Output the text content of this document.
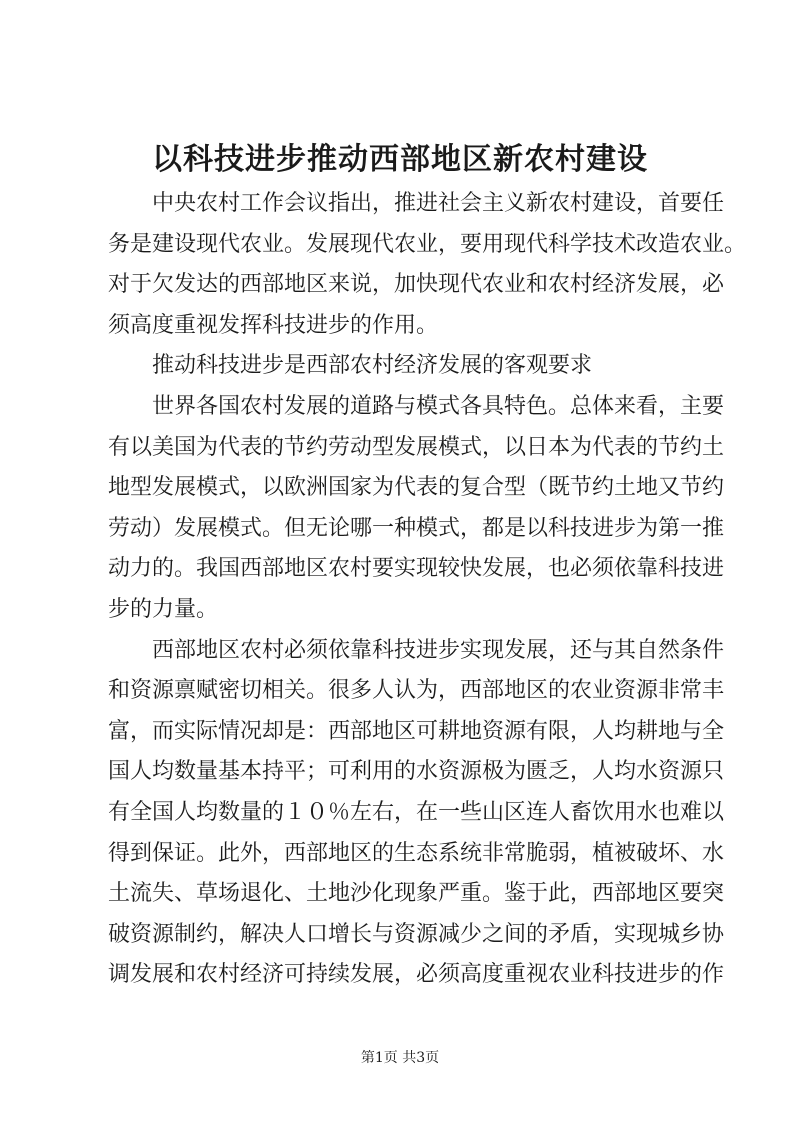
以科技进步推动西部地区新农村建设
中央农村工作会议指出，推进社会主义新农村建设，首要任
务是建设现代农业。发展现代农业，要用现代科学技术改造农业。
对于欠发达的西部地区来说，加快现代农业和农村经济发展，必
须高度重视发挥科技进步的作用。
推动科技进步是西部农村经济发展的客观要求
世界各国农村发展的道路与模式各具特色。总体来看，主要
有以美国为代表的节约劳动型发展模式，以日本为代表的节约土
地型发展模式，以欧洲国家为代表的复合型（既节约土地又节约
劳动）发展模式。但无论哪一种模式，都是以科技进步为第一推
动力的。我国西部地区农村要实现较快发展，也必须依靠科技进
步的力量。
西部地区农村必须依靠科技进步实现发展，还与其自然条件
和资源禀赋密切相关。很多人认为，西部地区的农业资源非常丰
富，而实际情况却是：西部地区可耕地资源有限，人均耕地与全
国人均数量基本持平；可利用的水资源极为匮乏，人均水资源只
有全国人均数量的１０％左右，在一些山区连人畜饮用水也难以
得到保证。此外，西部地区的生态系统非常脆弱，植被破坏、水
土流失、草场退化、土地沙化现象严重。鉴于此，西部地区要突
破资源制约，解决人口增长与资源减少之间的矛盾，实现城乡协
调发展和农村经济可持续发展，必须高度重视农业科技进步的作
第1页 共3页
